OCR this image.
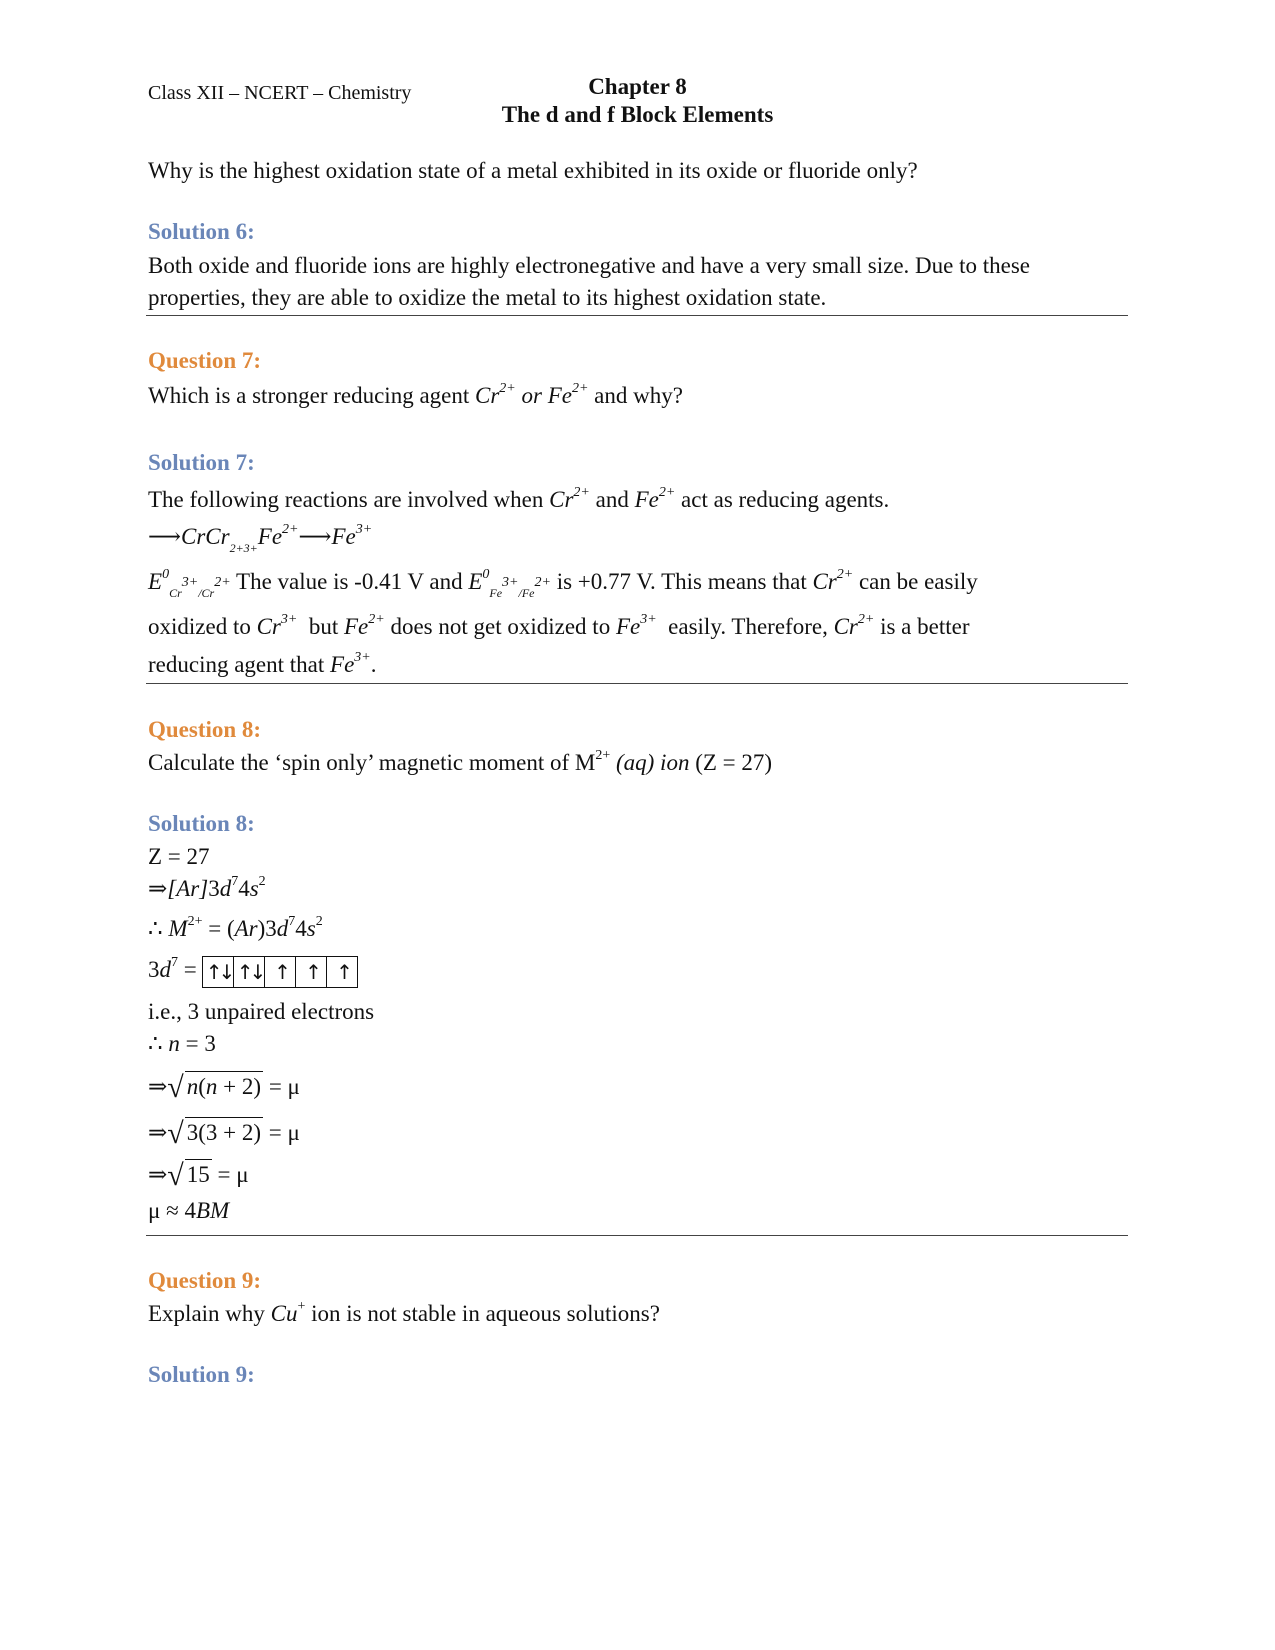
Class XII – NCERT – Chemistry	Chapter 8
The d and f Block Elements
Why is the highest oxidation state of a metal exhibited in its oxide or fluoride only?
Solution 6:
Both oxide and fluoride ions are highly electronegative and have a very small size. Due to these
properties, they are able to oxidize the metal to its highest oxidation state.
Question 7:
Which is a stronger reducing agent $Cr^{2+}$ or $Fe^{2+}$ and why?
Solution 7:
The following reactions are involved when $Cr^{2+}$ and $Fe^{2+}$ act as reducing agents.
$⟶CrCr_{2+3+}Fe^{2+}⟶Fe^{3+}$
$E^0_{Cr^{3+}/Cr^{2+}}$ The value is -0.41 V and $E^0_{Fe^{3+}/Fe^{2+}}$ is +0.77 V. This means that $Cr^{2+}$ can be easily
oxidized to $Cr^{3+}$ but $Fe^{2+}$ does not get oxidized to $Fe^{3+}$ easily. Therefore, $Cr^{2+}$ is a better
reducing agent that $Fe^{3+}$.
Question 8:
Calculate the ‘spin only’ magnetic moment of $M^{2+}$ (aq) ion (Z = 27)
Solution 8:
Z = 27
$\Rightarrow[Ar]3d^74s^2$
∴ $M^{2+} = (Ar)3d^74s^2$
$3d^7$ = ↑↓ ↑↓ ↑ ↑ ↑
i.e., 3 unpaired electrons
∴ n = 3
⇒√ n(n + 2) = μ
⇒√ 3(3 + 2) = μ
⇒√ 15 = μ
μ ≈ 4BM
Question 9:
Explain why Cu+ ion is not stable in aqueous solutions?
Solution 9:
